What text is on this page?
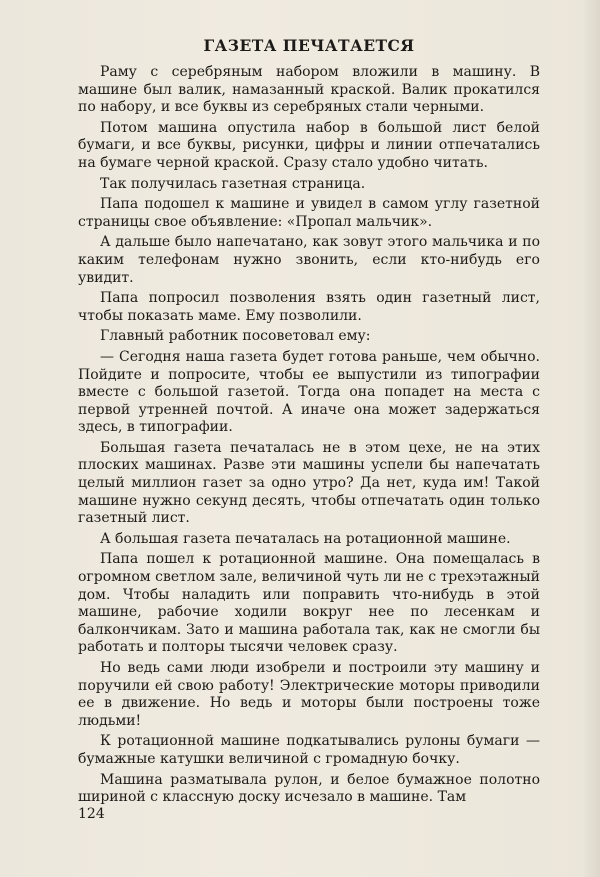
ГАЗЕТА ПЕЧАТАЕТСЯ

Раму с серебряным набором вложили в машину. В машине был валик, намазанный краской. Валик прокатился по набору, и все буквы из серебряных стали черными.

Потом машина опустила набор в большой лист белой бумаги, и все буквы, рисунки, цифры и линии отпечатались на бумаге черной краской. Сразу стало удобно читать.

Так получилась газетная страница.

Папа подошел к машине и увидел в самом углу газетной страницы свое объявление: «Пропал мальчик».

А дальше было напечатано, как зовут этого мальчика и по каким телефонам нужно звонить, если кто-нибудь его увидит.

Папа попросил позволения взять один газетный лист, чтобы показать маме. Ему позволили.

Главный работник посоветовал ему:

— Сегодня наша газета будет готова раньше, чем обычно. Пойдите и попросите, чтобы ее выпустили из типографии вместе с большой газетой. Тогда она попадет на места с первой утренней почтой. А иначе она может задержаться здесь, в типографии.

Большая газета печаталась не в этом цехе, не на этих плоских машинах. Разве эти машины успели бы напечатать целый миллион газет за одно утро? Да нет, куда им! Такой машине нужно секунд десять, чтобы отпечатать один только газетный лист.

А большая газета печаталась на ротационной машине.

Папа пошел к ротационной машине. Она помещалась в огромном светлом зале, величиной чуть ли не с трехэтажный дом. Чтобы наладить или поправить что-нибудь в этой машине, рабочие ходили вокруг нее по лесенкам и балкончикам. Зато и машина работала так, как не смогли бы работать и полторы тысячи человек сразу.

Но ведь сами люди изобрели и построили эту машину и поручили ей свою работу! Электрические моторы приводили ее в движение. Но ведь и моторы были построены тоже людьми!

К ротационной машине подкатывались рулоны бумаги — бумажные катушки величиной с громадную бочку.

Машина разматывала рулон, и белое бумажное полотно шириной с классную доску исчезало в машине. Там

124
